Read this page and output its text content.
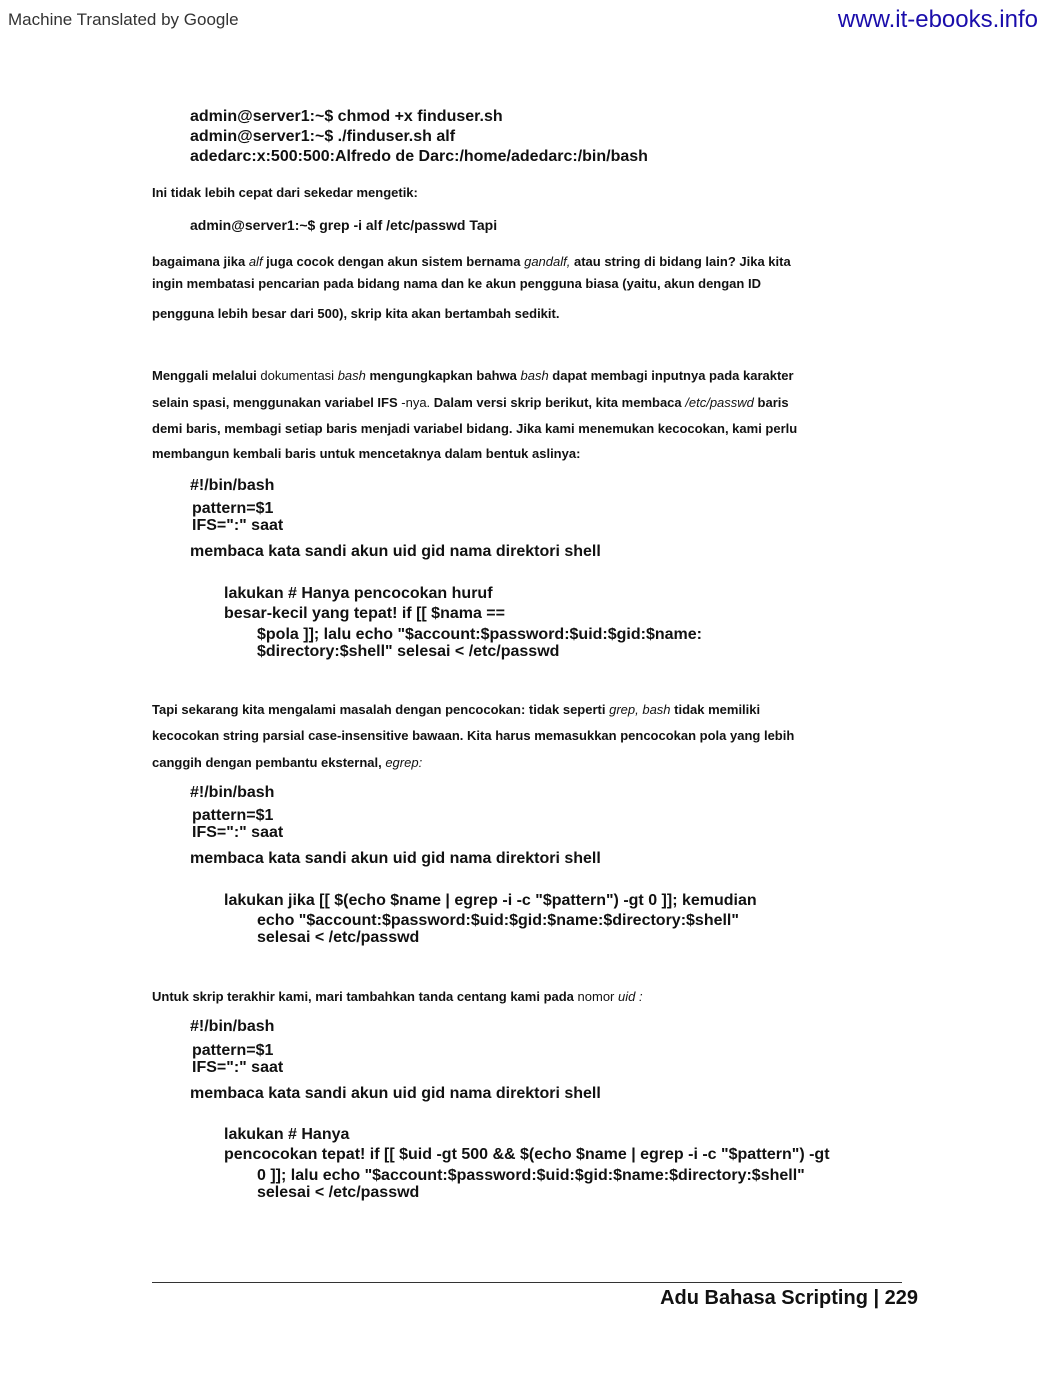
Machine Translated by Google	www.it-ebooks.info
admin@server1:~$ chmod +x finduser.sh
admin@server1:~$ ./finduser.sh alf
adedarc:x:500:500:Alfredo de Darc:/home/adedarc:/bin/bash
Ini tidak lebih cepat dari sekedar mengetik:
admin@server1:~$ grep -i alf /etc/passwd Tapi
bagaimana jika alf juga cocok dengan akun sistem bernama gandalf, atau string di bidang lain? Jika kita
ingin membatasi pencarian pada bidang nama dan ke akun pengguna biasa (yaitu, akun dengan ID
pengguna lebih besar dari 500), skrip kita akan bertambah sedikit.
Menggali melalui dokumentasi bash mengungkapkan bahwa bash dapat membagi inputnya pada karakter
selain spasi, menggunakan variabel IFS -nya. Dalam versi skrip berikut, kita membaca /etc/passwd baris
demi baris, membagi setiap baris menjadi variabel bidang. Jika kami menemukan kecocokan, kami perlu
membangun kembali baris untuk mencetaknya dalam bentuk aslinya:
#!/bin/bash
pattern=$1
IFS=":" saat
membaca kata sandi akun uid gid nama direktori shell
lakukan # Hanya pencocokan huruf
besar-kecil yang tepat! if [[ $nama ==
$pola ]]; lalu echo "$account:$password:$uid:$gid:$name:
$directory:$shell" selesai < /etc/passwd
Tapi sekarang kita mengalami masalah dengan pencocokan: tidak seperti grep, bash tidak memiliki
kecocokan string parsial case-insensitive bawaan. Kita harus memasukkan pencocokan pola yang lebih
canggih dengan pembantu eksternal, egrep:
#!/bin/bash
pattern=$1
IFS=":" saat
membaca kata sandi akun uid gid nama direktori shell
lakukan jika [[ $(echo $name | egrep -i -c "$pattern") -gt 0 ]]; kemudian
echo "$account:$password:$uid:$gid:$name:$directory:$shell"
selesai < /etc/passwd
Untuk skrip terakhir kami, mari tambahkan tanda centang kami pada nomor uid :
#!/bin/bash
pattern=$1
IFS=":" saat
membaca kata sandi akun uid gid nama direktori shell
lakukan # Hanya
pencocokan tepat! if [[ $uid -gt 500 && $(echo $name | egrep -i -c "$pattern") -gt
0 ]]; lalu echo "$account:$password:$uid:$gid:$name:$directory:$shell"
selesai < /etc/passwd
Adu Bahasa Scripting | 229
